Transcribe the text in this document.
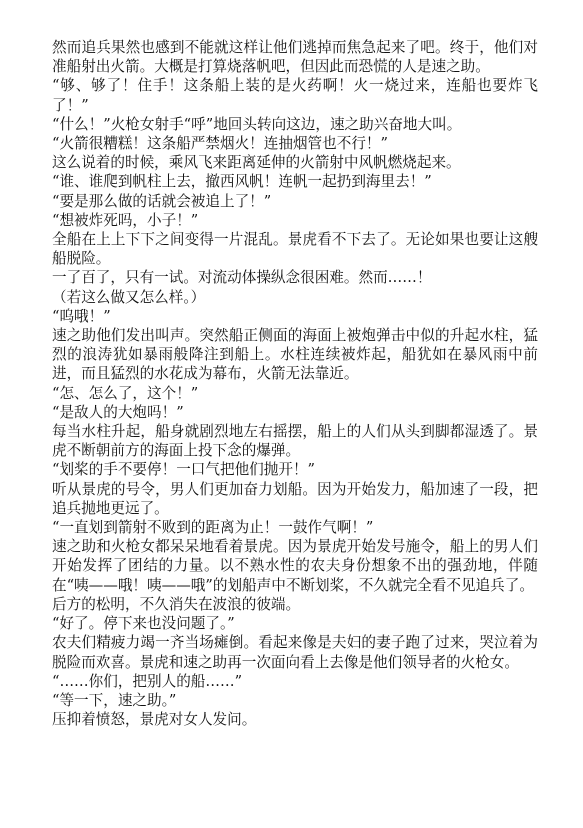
然而追兵果然也感到不能就这样让他们逃掉而焦急起来了吧。终于，他们对准船射出火箭。大概是打算烧落帆吧，但因此而恐慌的人是速之助。

“够、够了！住手！这条船上装的是火药啊！火一烧过来，连船也要炸飞了！”

“什么！”火枪女射手“呼”地回头转向这边，速之助兴奋地大叫。

“火箭很糟糕！这条船严禁烟火！连抽烟管也不行！”

这么说着的时候，乘风飞来距离延伸的火箭射中风帆燃烧起来。

“谁、谁爬到帆柱上去，撤西风帆！连帆一起扔到海里去！”

“要是那么做的话就会被追上了！”

“想被炸死吗，小子！”

全船在上上下下之间变得一片混乱。景虎看不下去了。无论如果也要让这艘船脱险。

一了百了，只有一试。对流动体操纵念很困难。然而……！

（若这么做又怎么样。）

“呜哦！”

速之助他们发出叫声。突然船正侧面的海面上被炮弹击中似的升起水柱，猛烈的浪涛犹如暴雨般降注到船上。水柱连续被炸起，船犹如在暴风雨中前进，而且猛烈的水花成为幕布，火箭无法靠近。

“怎、怎么了，这个！”

“是敌人的大炮吗！”

每当水柱升起，船身就剧烈地左右摇摆，船上的人们从头到脚都湿透了。景虎不断朝前方的海面上投下念的爆弹。

“划桨的手不要停！一口气把他们抛开！”

听从景虎的号令，男人们更加奋力划船。因为开始发力，船加速了一段，把追兵抛地更远了。

“一直划到箭射不败到的距离为止！一鼓作气啊！”

速之助和火枪女都呆呆地看着景虎。因为景虎开始发号施令，船上的男人们开始发挥了团结的力量。以不熟水性的农夫身份想象不出的强劲地，伴随在“咦——哦！咦——哦”的划船声中不断划桨，不久就完全看不见追兵了。

后方的松明，不久消失在波浪的彼端。

“好了。停下来也没问题了。”

农夫们精疲力竭一齐当场瘫倒。看起来像是夫妇的妻子跑了过来，哭泣着为脱险而欢喜。景虎和速之助再一次面向看上去像是他们领导者的火枪女。

“……你们，把别人的船……”

“等一下，速之助。”

压抑着愤怒，景虎对女人发问。
